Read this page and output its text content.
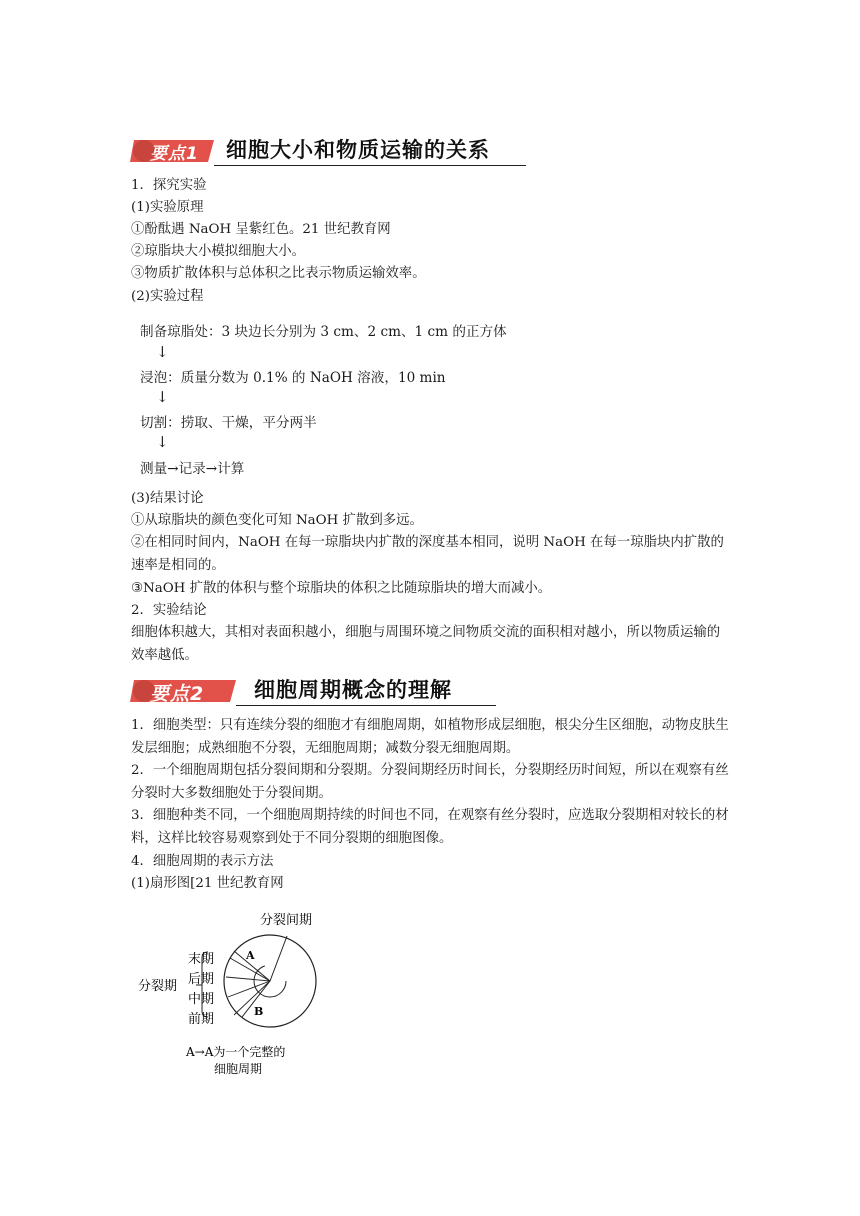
要点1 细胞大小和物质运输的关系
1．探究实验
(1)实验原理
①酚酞遇 NaOH 呈紫红色。21 世纪教育网
②琼脂块大小模拟细胞大小。
③物质扩散体积与总体积之比表示物质运输效率。
(2)实验过程
制备琼脂处：3 块边长分别为 3 cm、2 cm、1 cm 的正方体
↓
浸泡：质量分数为 0.1% 的 NaOH 溶液，10 min
↓
切割：捞取、干燥，平分两半
↓
测量→记录→计算
(3)结果讨论
①从琼脂块的颜色变化可知 NaOH 扩散到多远。
②在相同时间内，NaOH 在每一琼脂块内扩散的深度基本相同，说明 NaOH 在每一琼脂块内扩散的速率是相同的。
③NaOH 扩散的体积与整个琼脂块的体积之比随琼脂块的增大而减小。
2．实验结论
细胞体积越大，其相对表面积越小，细胞与周围环境之间物质交流的面积相对越小，所以物质运输的效率越低。
要点2 细胞周期概念的理解
1．细胞类型：只有连续分裂的细胞才有细胞周期，如植物形成层细胞，根尖分生区细胞，动物皮肤生发层细胞；成熟细胞不分裂，无细胞周期；减数分裂无细胞周期。
2．一个细胞周期包括分裂间期和分裂期。分裂间期经历时间长，分裂期经历时间短，所以在观察有丝分裂时大多数细胞处于分裂间期。
3．细胞种类不同，一个细胞周期持续的时间也不同，在观察有丝分裂时，应选取分裂期相对较长的材料，这样比较容易观察到处于不同分裂期的细胞图像。
4．细胞周期的表示方法
(1)扇形图[21 世纪教育网
分裂间期
A
B
分裂期
末期
后期
中期
前期
A→A为一个完整的
细胞周期
